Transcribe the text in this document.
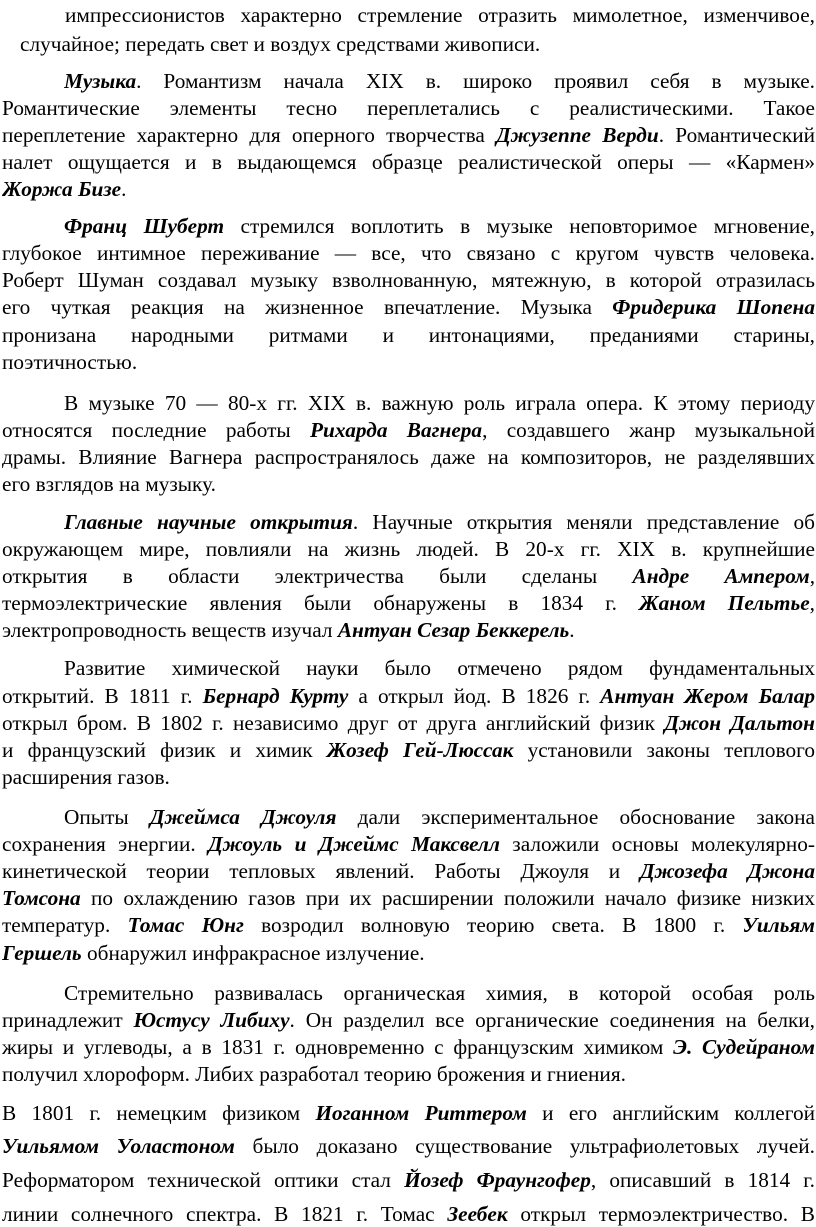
импрессионистов характерно стремление отразить мимолетное, изменчивое,
случайное; передать свет и воздух средствами живописи.
Музыка. Романтизм начала XIX в. широко проявил себя в музыке.
Романтические элементы тесно переплетались с реалистическими. Такое
переплетение характерно для оперного творчества Джузеппе Верди. Романтический
налет ощущается и в выдающемся образце реалистической оперы — «Кармен»
Жоржа Бизе.
Франц Шуберт стремился воплотить в музыке неповторимое мгновение,
глубокое интимное переживание — все, что связано с кругом чувств человека.
Роберт Шуман создавал музыку взволнованную, мятежную, в которой отразилась
его чуткая реакция на жизненное впечатление. Музыка Фридерика Шопена
пронизана народными ритмами и интонациями, преданиями старины,
поэтичностью.
В музыке 70 — 80-х гг. XIX в. важную роль играла опера. К этому периоду
относятся последние работы Рихарда Вагнера, создавшего жанр музыкальной
драмы. Влияние Вагнера распространялось даже на композиторов, не разделявших
его взглядов на музыку.
Главные научные открытия. Научные открытия меняли представление об
окружающем мире, повлияли на жизнь людей. В 20-х гг. XIX в. крупнейшие
открытия в области электричества были сделаны Андре Ампером,
термоэлектрические явления были обнаружены в 1834 г. Жаном Пельтье,
электропроводность веществ изучал Антуан Сезар Беккерель.
Развитие химической науки было отмечено рядом фундаментальных
открытий. В 1811 г. Бернард Курту а открыл йод. В 1826 г. Антуан Жером Балар
открыл бром. В 1802 г. независимо друг от друга английский физик Джон Дальтон
и французский физик и химик Жозеф Гей-Люссак установили законы теплового
расширения газов.
Опыты Джеймса Джоуля дали экспериментальное обоснование закона
сохранения энергии. Джоуль и Джеймс Максвелл заложили основы молекулярно-
кинетической теории тепловых явлений. Работы Джоуля и Джозефа Джона
Томсона по охлаждению газов при их расширении положили начало физике низких
температур. Томас Юнг возродил волновую теорию света. В 1800 г. Уильям
Гершель обнаружил инфракрасное излучение.
Стремительно развивалась органическая химия, в которой особая роль
принадлежит Юстусу Либиху. Он разделил все органические соединения на белки,
жиры и углеводы, а в 1831 г. одновременно с французским химиком Э. Судейраном
получил хлороформ. Либих разработал теорию брожения и гниения.
В 1801 г. немецким физиком Иоганном Риттером и его английским коллегой
Уильямом Уоластоном было доказано существование ультрафиолетовых лучей.
Реформатором технической оптики стал Йозеф Фраунгофер, описавший в 1814 г.
линии солнечного спектра. В 1821 г. Томас Зеебек открыл термоэлектричество. В
